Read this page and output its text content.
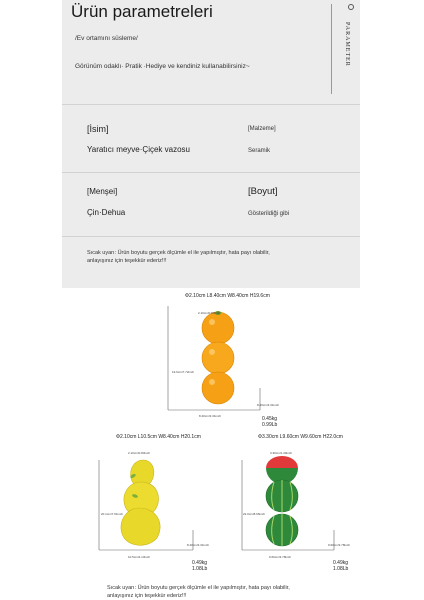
Ürün parametreleri
PARAMETER
/Ev ortamını süsleme/
Görünüm odaklı· Pratik ·Hediye ve kendiniz kullanabilirsiniz~
[İsim]	[Malzeme]
Yaratıcı meyve·Çiçek vazosu	Seramik
[Menşei]	[Boyut]
Çin·Dehua	Gösterildiği gibi
Sıcak uyarı: Ürün boyutu gerçek ölçümle el ile yapılmıştır, hata payı olabilir,
anlayışınız için teşekkür ederiz!!!
Φ2.10cm L8.40cm W8.40cm H19.6cm
2.10cm/0.83inch
19.6cm/7.72inch
8.40cm/3.31inch
8.40cm/3.31inch	0.45kg
0.99Lb
Φ2.10cm L10.5cm W8.40cm H20.1cm
2.10cm/0.83inch
20.1cm/7.91inch
8.40cm/3.31inch
10.5cm/4.13inch
0.49kg
1.08Lb
Φ3.30cm L9.60cm W9.60cm H22.0cm
3.30cm/1.30inch
22.0cm/8.66inch
9.60cm/3.78inch
9.60cm/3.78inch
0.49kg
1.08Lb
Sıcak uyarı: Ürün boyutu gerçek ölçümle el ile yapılmıştır, hata payı olabilir,
anlayışınız için teşekkür ederiz!!!
